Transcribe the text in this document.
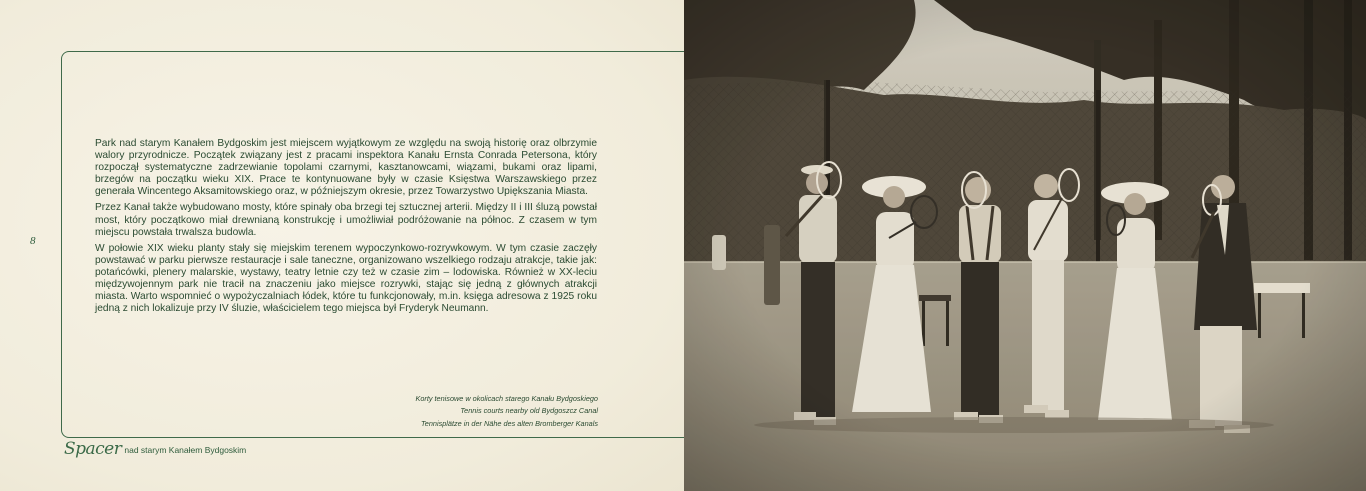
8

Park nad starym Kanałem Bydgoskim jest miejscem wyjątkowym ze względu na swoją historię oraz olbrzymie walory przyrodnicze. Początek związany jest z pracami inspektora Kanału Ernsta Conrada Petersona, który rozpoczął systematyczne zadrzewianie topolami czarnymi, kasztanowcami, wiązami, bukami oraz lipami, brzegów na początku wieku XIX. Prace te kontynuowane były w czasie Księstwa Warszawskiego przez generała Wincentego Aksamitowskiego oraz, w późniejszym okresie, przez Towarzystwo Upiększania Miasta.

Przez Kanał także wybudowano mosty, które spinały oba brzegi tej sztucznej arterii. Między II i III śluzą powstał most, który początkowo miał drewnianą konstrukcję i umożliwiał podróżowanie na północ. Z czasem w tym miejscu powstała trwalsza budowla.

W połowie XIX wieku planty stały się miejskim terenem wypoczynkowo-rozrywkowym. W tym czasie zaczęły powstawać w parku pierwsze restauracje i sale taneczne, organizowano wszelkiego rodzaju atrakcje, takie jak: potańcówki, plenery malarskie, wystawy, teatry letnie czy też w czasie zim – lodowiska. Również w XX-leciu międzywojennym park nie tracił na znaczeniu jako miejsce rozrywki, stając się jedną z głównych atrakcji miasta. Warto wspomnieć o wypożyczalniach łódek, które tu funkcjonowały, m.in. księga adresowa z 1925 roku jedną z nich lokalizuje przy IV śluzie, właścicielem tego miejsca był Fryderyk Neumann.

Korty tenisowe w okolicach starego Kanału Bydgoskiego
Tennis courts nearby old Bydgoszcz Canal
Tennisplätze in der Nähe des alten Bromberger Kanals
Spacer nad starym Kanałem Bydgoskim
